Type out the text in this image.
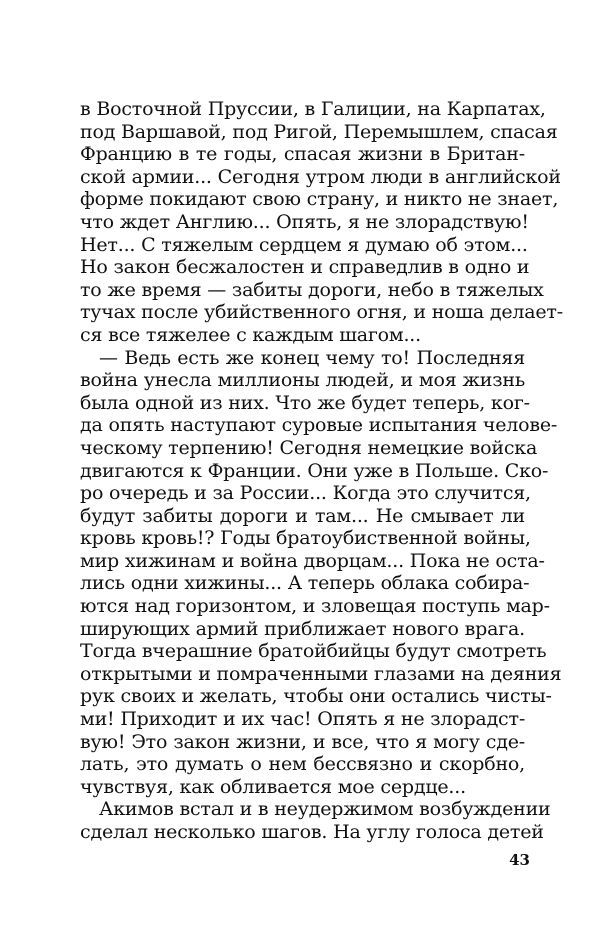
в Восточной Пруссии, в Галиции, на Карпатах,
под Варшавой, под Ригой, Перемышлем, спасая
Францию в те годы, спасая жизни в Британ-
ской армии... Сегодня утром люди в английской
форме покидают свою страну, и никто не знает,
что ждет Англию... Опять, я не злорадствую!
Нет... С тяжелым сердцем я думаю об этом...
Но закон бесжалостен и справедлив в одно и
то же время — забиты дороги, небо в тяжелых
тучах после убийственного огня, и ноша делает-
ся все тяжелее с каждым шагом...
— Ведь есть же конец чему то! Последняя
война унесла миллионы людей, и моя жизнь
была одной из них. Что же будет теперь, ког-
да опять наступают суровые испытания челове-
ческому терпению! Сегодня немецкие войска
двигаются к Франции. Они уже в Польше. Ско-
ро очередь и за России... Когда это случится,
будут забиты дороги и там... Не смывает ли
кровь кровь!? Годы братоубиственной войны,
мир хижинам и война дворцам... Пока не оста-
лись одни хижины... А теперь облака собира-
ются над горизонтом, и зловещая поступь мар-
ширующих армий приближает нового врага.
Тогда вчерашние братойбийцы будут смотреть
открытыми и помраченными глазами на деяния
рук своих и желать, чтобы они остались чисты-
ми! Приходит и их час! Опять я не злорадст-
вую! Это закон жизни, и все, что я могу сде-
лать, это думать о нем бессвязно и скорбно,
чувствуя, как обливается мое сердце...
Акимов встал и в неудержимом возбуждении
сделал несколько шагов. На углу голоса детей
43
